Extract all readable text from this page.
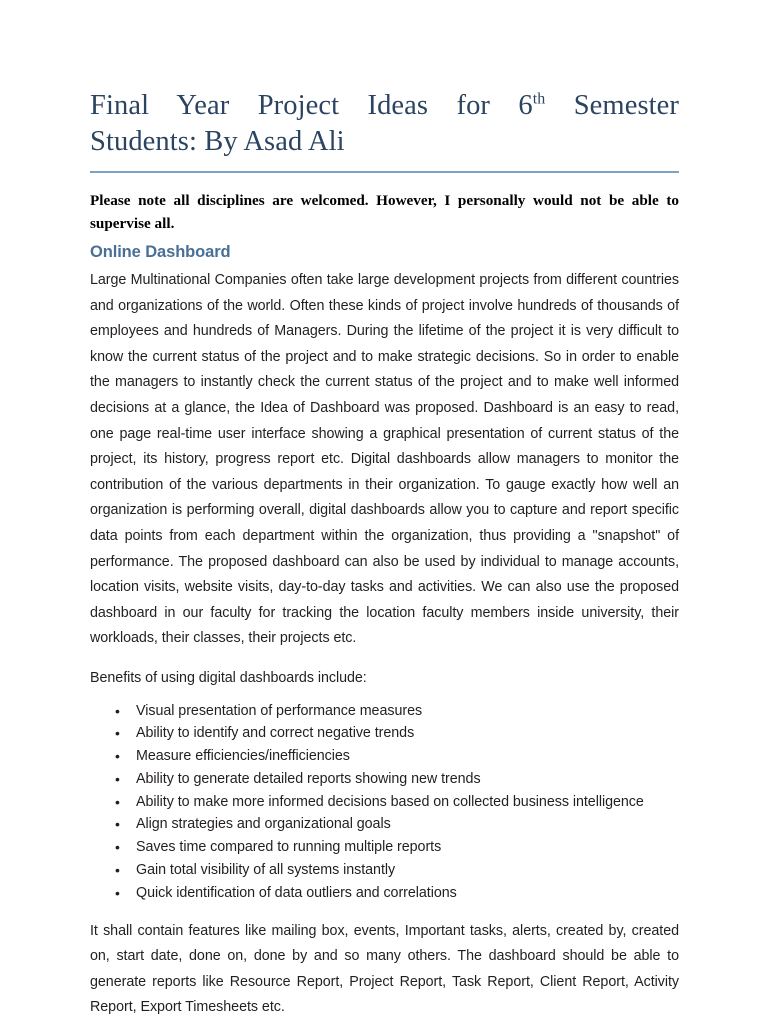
Final Year Project Ideas for 6th Semester
Students: By Asad Ali

Please note all disciplines are welcomed. However, I personally would not be able to supervise all.

Online Dashboard

Large Multinational Companies often take large development projects from different countries and organizations of the world. Often these kinds of project involve hundreds of thousands of employees and hundreds of Managers. During the lifetime of the project it is very difficult to know the current status of the project and to make strategic decisions. So in order to enable the managers to instantly check the current status of the project and to make well informed decisions at a glance, the Idea of Dashboard was proposed. Dashboard is an easy to read, one page real-time user interface showing a graphical presentation of current status of the project, its history, progress report etc. Digital dashboards allow managers to monitor the contribution of the various departments in their organization. To gauge exactly how well an organization is performing overall, digital dashboards allow you to capture and report specific data points from each department within the organization, thus providing a "snapshot" of performance. The proposed dashboard can also be used by individual to manage accounts, location visits, website visits, day-to-day tasks and activities. We can also use the proposed dashboard in our faculty for tracking the location faculty members inside university, their workloads, their classes, their projects etc.

Benefits of using digital dashboards include:

• Visual presentation of performance measures
• Ability to identify and correct negative trends
• Measure efficiencies/inefficiencies
• Ability to generate detailed reports showing new trends
• Ability to make more informed decisions based on collected business intelligence
• Align strategies and organizational goals
• Saves time compared to running multiple reports
• Gain total visibility of all systems instantly
• Quick identification of data outliers and correlations

It shall contain features like mailing box, events, Important tasks, alerts, created by, created on, start date, done on, done by and so many others. The dashboard should be able to generate reports like Resource Report, Project Report, Task Report, Client Report, Activity Report, Export Timesheets etc.
